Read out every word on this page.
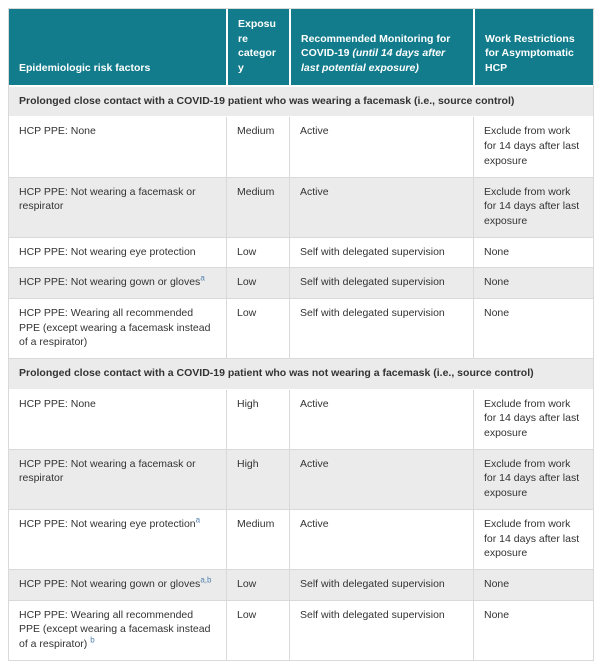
Epidemiologic risk factors	Exposure category	Recommended Monitoring for COVID-19 (until 14 days after last potential exposure)	Work Restrictions for Asymptomatic HCP
Prolonged close contact with a COVID-19 patient who was wearing a facemask (i.e., source control)			
HCP PPE: None	Medium	Active	Exclude from work for 14 days after last exposure
HCP PPE: Not wearing a facemask or respirator	Medium	Active	Exclude from work for 14 days after last exposure
HCP PPE: Not wearing eye protection	Low	Self with delegated supervision	None
HCP PPE: Not wearing gown or gloves$^a$	Low	Self with delegated supervision	None
HCP PPE: Wearing all recommended PPE (except wearing a facemask instead of a respirator)	Low	Self with delegated supervision	None
Prolonged close contact with a COVID-19 patient who was not wearing a facemask (i.e., source control)			
HCP PPE: None	High	Active	Exclude from work for 14 days after last exposure
HCP PPE: Not wearing a facemask or respirator	High	Active	Exclude from work for 14 days after last exposure
HCP PPE: Not wearing eye protection$^a$	Medium	Active	Exclude from work for 14 days after last exposure
HCP PPE: Not wearing gown or gloves$^{a,b}$	Low	Self with delegated supervision	None
HCP PPE: Wearing all recommended PPE (except wearing a facemask instead of a respirator) $^b$	Low	Self with delegated supervision	None
